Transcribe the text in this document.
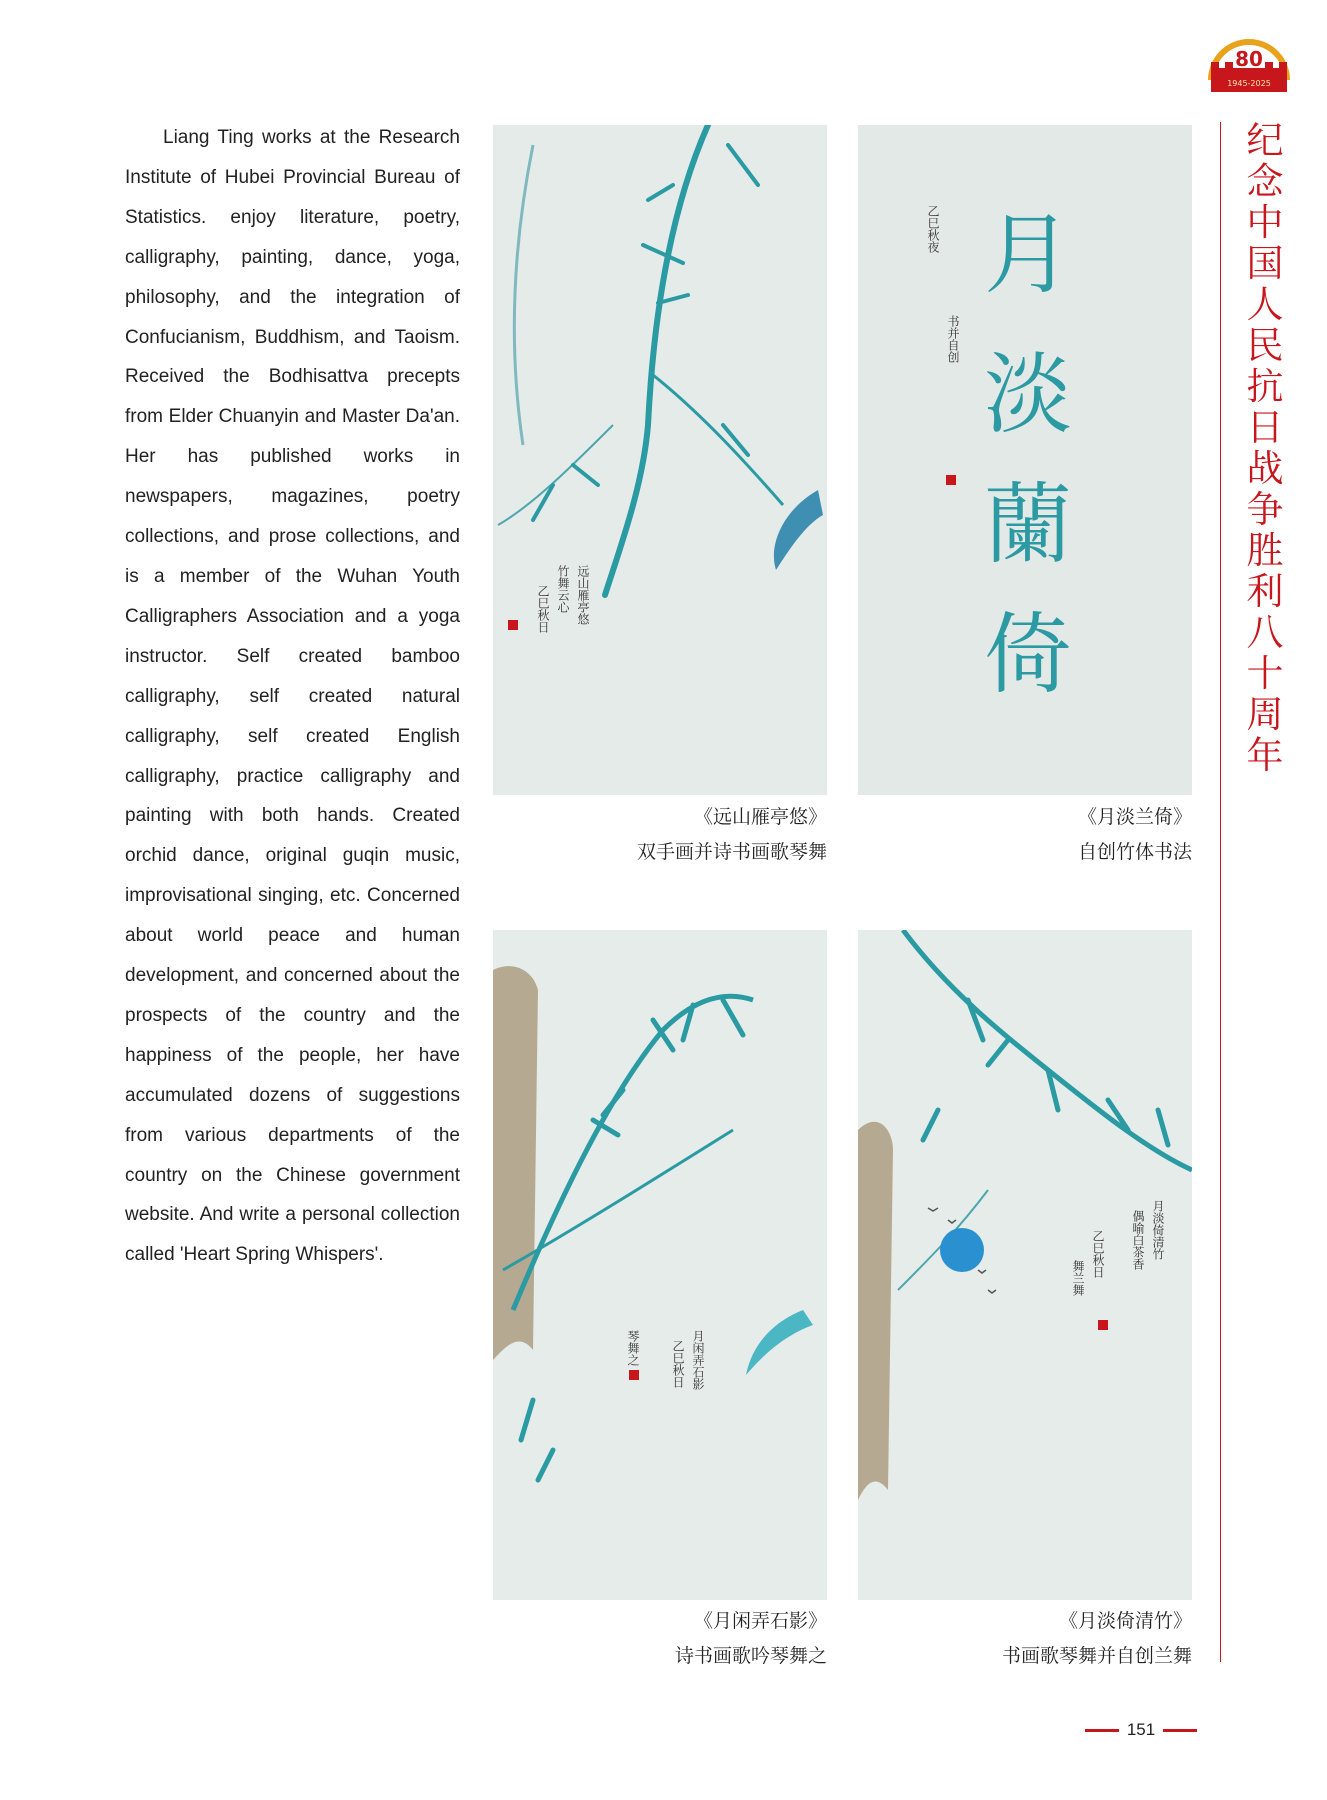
80
1945-2025
Liang Ting works at the Research Institute of Hubei Provincial Bureau of Statistics. enjoy literature, poetry, calligraphy, painting, dance, yoga, philosophy, and the integration of Confucianism, Buddhism, and Taoism. Received the Bodhisattva precepts from Elder Chuanyin and Master Da'an. Her has published works in newspapers, magazines, poetry collections, and prose collections, and is a member of the Wuhan Youth Calligraphers Association and a yoga instructor. Self created bamboo calligraphy, self created natural calligraphy, self created English calligraphy, practice calligraphy and painting with both hands. Created orchid dance, original guqin music, improvisational singing, etc. Concerned about world peace and human development, and concerned about the prospects of the country and the happiness of the people, her have accumulated dozens of suggestions from various departments of the country on the Chinese government website. And write a personal collection called 'Heart Spring Whispers'.
纪念中国人民抗日战争胜利八十周年
远山雁亭悠
竹舞云心
乙巳秋日
月
淡
蘭
倚
乙巳秋夜
书并自创
《远山雁亭悠》
双手画并诗书画歌琴舞
《月淡兰倚》
自创竹体书法
月闲弄石影
乙巳秋日
琴舞之
月淡倚清竹
偶喻白茶香
乙巳秋日
舞兰舞
《月闲弄石影》
诗书画歌吟琴舞之
《月淡倚清竹》
书画歌琴舞并自创兰舞
151
